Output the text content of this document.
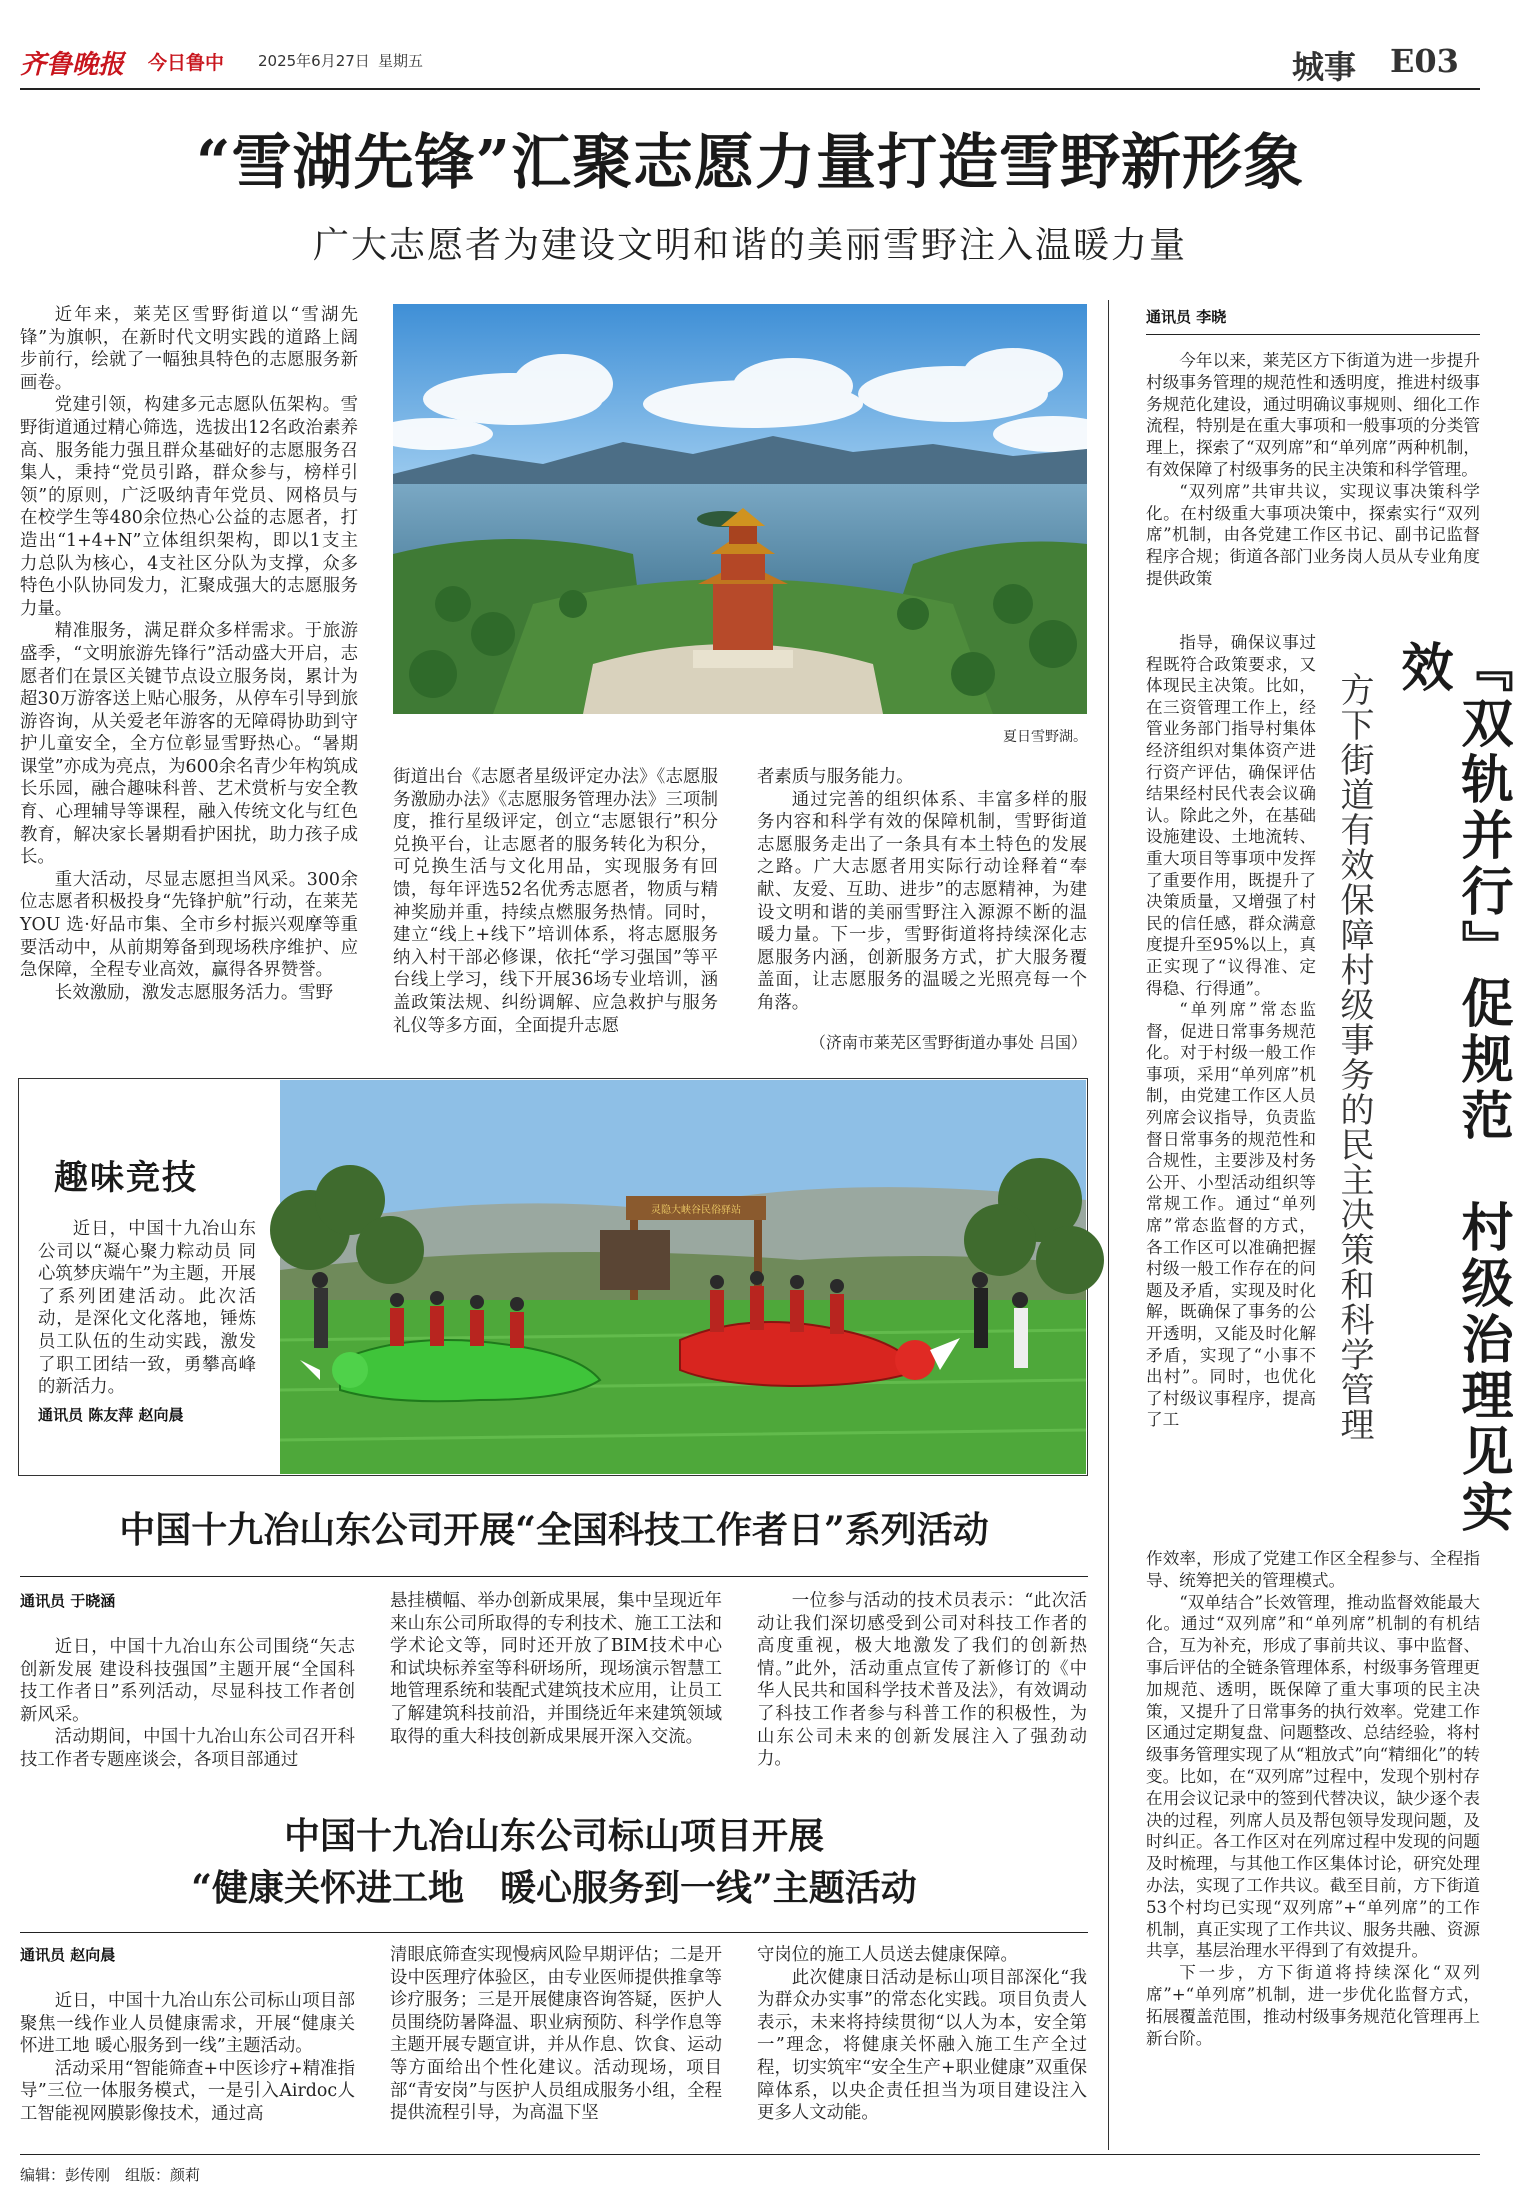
齐鲁晚报 今日鲁中 2025年6月27日 星期五	城事 E03
“雪湖先锋”汇聚志愿力量打造雪野新形象
广大志愿者为建设文明和谐的美丽雪野注入温暖力量

近年来，莱芜区雪野街道以“雪湖先锋”为旗帜，在新时代文明实践的道路上阔步前行，绘就了一幅独具特色的志愿服务新画卷。

党建引领，构建多元志愿队伍架构。雪野街道通过精心筛选，选拔出12名政治素养高、服务能力强且群众基础好的志愿服务召集人，秉持“党员引路，群众参与，榜样引领”的原则，广泛吸纳青年党员、网格员与在校学生等480余位热心公益的志愿者，打造出“1+4+N”立体组织架构，即以1支主力总队为核心，4支社区分队为支撑，众多特色小队协同发力，汇聚成强大的志愿服务力量。

精准服务，满足群众多样需求。于旅游盛季，“文明旅游先锋行”活动盛大开启，志愿者们在景区关键节点设立服务岗，累计为超30万游客送上贴心服务，从停车引导到旅游咨询，从关爱老年游客的无障碍协助到守护儿童安全，全方位彰显雪野热心。“暑期课堂”亦成为亮点，为600余名青少年构筑成长乐园，融合趣味科普、艺术赏析与安全教育、心理辅导等课程，融入传统文化与红色教育，解决家长暑期看护困扰，助力孩子成长。

重大活动，尽显志愿担当风采。300余位志愿者积极投身“先锋护航”行动，在莱芜 YOU 选·好品市集、全市乡村振兴观摩等重要活动中，从前期筹备到现场秩序维护、应急保障，全程专业高效，赢得各界赞誉。

长效激励，激发志愿服务活力。雪野

夏日雪野湖。

街道出台《志愿者星级评定办法》《志愿服务激励办法》《志愿服务管理办法》三项制度，推行星级评定，创立“志愿银行”积分兑换平台，让志愿者的服务转化为积分，可兑换生活与文化用品，实现服务有回馈，每年评选52名优秀志愿者，物质与精神奖励并重，持续点燃服务热情。同时，建立“线上+线下”培训体系，将志愿服务纳入村干部必修课，依托“学习强国”等平台线上学习，线下开展36场专业培训，涵盖政策法规、纠纷调解、应急救护与服务礼仪等多方面，全面提升志愿

者素质与服务能力。

通过完善的组织体系、丰富多样的服务内容和科学有效的保障机制，雪野街道志愿服务走出了一条具有本土特色的发展之路。广大志愿者用实际行动诠释着“奉献、友爱、互助、进步”的志愿精神，为建设文明和谐的美丽雪野注入源源不断的温暖力量。下一步，雪野街道将持续深化志愿服务内涵，创新服务方式，扩大服务覆盖面，让志愿服务的温暖之光照亮每一个角落。

（济南市莱芜区雪野街道办事处 吕国）
趣味竞技

近日，中国十九冶山东公司以“凝心聚力粽动员 同心筑梦庆端午”为主题，开展了系列团建活动。此次活动，是深化文化落地，锤炼员工队伍的生动实践，激发了职工团结一致，勇攀高峰的新活力。

通讯员 陈友萍 赵向晨
灵隐大峡谷民俗驿站
中国十九冶山东公司开展“全国科技工作者日”系列活动
通讯员 于晓涵

近日，中国十九冶山东公司围绕“矢志创新发展 建设科技强国”主题开展“全国科技工作者日”系列活动，尽显科技工作者创新风采。

活动期间，中国十九冶山东公司召开科技工作者专题座谈会，各项目部通过

悬挂横幅、举办创新成果展，集中呈现近年来山东公司所取得的专利技术、施工工法和学术论文等，同时还开放了BIM技术中心和试块标养室等科研场所，现场演示智慧工地管理系统和装配式建筑技术应用，让员工了解建筑科技前沿，并围绕近年来建筑领域取得的重大科技创新成果展开深入交流。

一位参与活动的技术员表示：“此次活动让我们深切感受到公司对科技工作者的高度重视，极大地激发了我们的创新热情。”此外，活动重点宣传了新修订的《中华人民共和国科学技术普及法》，有效调动了科技工作者参与科普工作的积极性，为山东公司未来的创新发展注入了强劲动力。

中国十九冶山东公司标山项目开展
“健康关怀进工地　暖心服务到一线”主题活动
通讯员 赵向晨

近日，中国十九冶山东公司标山项目部聚焦一线作业人员健康需求，开展“健康关怀进工地 暖心服务到一线”主题活动。

活动采用“智能筛查+中医诊疗+精准指导”三位一体服务模式，一是引入Airdoc人工智能视网膜影像技术，通过高

清眼底筛查实现慢病风险早期评估；二是开设中医理疗体验区，由专业医师提供推拿等诊疗服务；三是开展健康咨询答疑，医护人员围绕防暑降温、职业病预防、科学作息等主题开展专题宣讲，并从作息、饮食、运动等方面给出个性化建议。活动现场，项目部“青安岗”与医护人员组成服务小组，全程提供流程引导，为高温下坚

守岗位的施工人员送去健康保障。

此次健康日活动是标山项目部深化“我为群众办实事”的常态化实践。项目负责人表示，未来将持续贯彻“以人为本，安全第一”理念，将健康关怀融入施工生产全过程，切实筑牢“安全生产+职业健康”双重保障体系，以央企责任担当为项目建设注入更多人文动能。

通讯员 李晓

今年以来，莱芜区方下街道为进一步提升村级事务管理的规范性和透明度，推进村级事务规范化建设，通过明确议事规则、细化工作流程，特别是在重大事项和一般事项的分类管理上，探索了“双列席”和“单列席”两种机制，有效保障了村级事务的民主决策和科学管理。

“双列席”共审共议，实现议事决策科学化。在村级重大事项决策中，探索实行“双列席”机制，由各党建工作区书记、副书记监督程序合规；街道各部门业务岗人员从专业角度提供政策

指导，确保议事过程既符合政策要求，又体现民主决策。比如，在三资管理工作上，经管业务部门指导村集体经济组织对集体资产进行资产评估，确保评估结果经村民代表会议确认。除此之外，在基础设施建设、土地流转、重大项目等事项中发挥了重要作用，既提升了决策质量，又增强了村民的信任感，群众满意度提升至95%以上，真正实现了“议得准、定得稳、行得通”。

“单列席”常态监督，促进日常事务规范化。对于村级一般工作事项，采用“单列席”机制，由党建工作区人员列席会议指导，负责监督日常事务的规范性和合规性，主要涉及村务公开、小型活动组织等常规工作。通过“单列席”常态监督的方式，各工作区可以准确把握村级一般工作存在的问题及矛盾，实现及时化解，既确保了事务的公开透明，又能及时化解矛盾，实现了“小事不出村”。同时，也优化了村级议事程序，提高了工	『双轨并行』促规范　村级治理见实效
方下街道有效保障村级事务的民主决策和科学管理

作效率，形成了党建工作区全程参与、全程指导、统筹把关的管理模式。

“双单结合”长效管理，推动监督效能最大化。通过“双列席”和“单列席”机制的有机结合，互为补充，形成了事前共议、事中监督、事后评估的全链条管理体系，村级事务管理更加规范、透明，既保障了重大事项的民主决策，又提升了日常事务的执行效率。党建工作区通过定期复盘、问题整改、总结经验，将村级事务管理实现了从“粗放式”向“精细化”的转变。比如，在“双列席”过程中，发现个别村存在用会议记录中的签到代替决议，缺少逐个表决的过程，列席人员及帮包领导发现问题，及时纠正。各工作区对在列席过程中发现的问题及时梳理，与其他工作区集体讨论，研究处理办法，实现了工作共议。截至目前，方下街道53个村均已实现“双列席”+“单列席”的工作机制，真正实现了工作共议、服务共融、资源共享，基层治理水平得到了有效提升。

下一步，方下街道将持续深化“双列席”+“单列席”机制，进一步优化监督方式，拓展覆盖范围，推动村级事务规范化管理再上新台阶。

编辑：彭传刚　组版：颜莉
